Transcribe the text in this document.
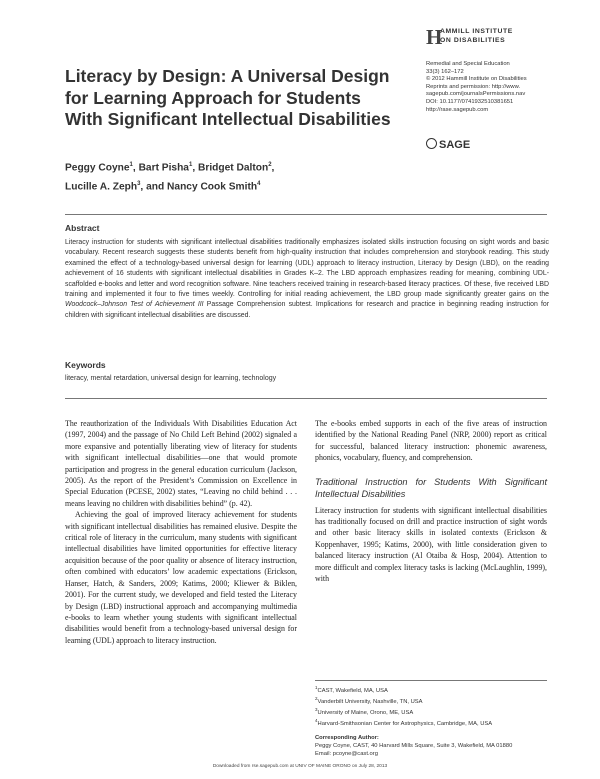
Literacy by Design: A Universal Design for Learning Approach for Students With Significant Intellectual Disabilities
H
AMMILL INSTITUTE
ON DISABILITIES
Remedial and Special Education
33(3) 162–172
© 2012 Hammill Institute on Disabilities
Reprints and permission: http://www.
sagepub.com/journalsPermissions.nav
DOI: 10.1177/0741932510381651
http://rase.sagepub.com
SAGE
Peggy Coyne$^1$, Bart Pisha$^1$, Bridget Dalton$^2$,
Lucille A. Zeph$^3$, and Nancy Cook Smith$^4$
Abstract
Literacy instruction for students with significant intellectual disabilities traditionally emphasizes isolated skills instruction focusing on sight words and basic vocabulary. Recent research suggests these students benefit from high-quality instruction that includes comprehension and storybook reading. This study examined the effect of a technology-based universal design for learning (UDL) approach to literacy instruction, Literacy by Design (LBD), on the reading achievement of 16 students with significant intellectual disabilities in Grades K–2. The LBD approach emphasizes reading for meaning, combining UDL-scaffolded e-books and letter and word recognition software. Nine teachers received training in research-based literacy practices. Of these, five received LBD training and implemented it four to five times weekly. Controlling for initial reading achievement, the LBD group made significantly greater gains on the Woodcock–Johnson Test of Achievement III Passage Comprehension subtest. Implications for research and practice in beginning reading instruction for children with significant intellectual disabilities are discussed.
Keywords
literacy, mental retardation, universal design for learning, technology

The reauthorization of the Individuals With Disabilities Education Act (1997, 2004) and the passage of No Child Left Behind (2002) signaled a more expansive and potentially liberating view of literacy for students with significant intellectual disabilities—one that would promote participation and progress in the general education curriculum (Jackson, 2005). As the report of the President’s Commission on Excellence in Special Education (PCESE, 2002) states, “Leaving no child behind . . . means leaving no children with disabilities behind” (p. 42).

Achieving the goal of improved literacy achievement for students with significant intellectual disabilities has remained elusive. Despite the critical role of literacy in the curriculum, many students with significant intellectual disabilities have limited opportunities for effective literacy acquisition because of the poor quality or absence of literacy instruction, often combined with educators’ low academic expectations (Erickson, Hanser, Hatch, & Sanders, 2009; Katims, 2000; Kliewer & Biklen, 2001). For the current study, we developed and field tested the Literacy by Design (LBD) instructional approach and accompanying multimedia e-books to learn whether young students with significant intellectual disabilities would benefit from a technology-based universal design for learning (UDL) approach to literacy instruction.

The e-books embed supports in each of the five areas of instruction identified by the National Reading Panel (NRP, 2000) report as critical for successful, balanced literacy instruction: phonemic awareness, phonics, vocabulary, fluency, and comprehension.

Traditional Instruction for Students With Significant Intellectual Disabilities

Literacy instruction for students with significant intellectual disabilities has traditionally focused on drill and practice instruction of sight words and other basic literacy skills in isolated contexts (Erickson & Koppenhaver, 1995; Katims, 2000), with little consideration given to balanced literacy instruction (Al Otaiba & Hosp, 2004). Attention to more difficult and complex literacy tasks is lacking (McLaughlin, 1999), with

$^1$CAST, Wakefield, MA, USA
$^2$Vanderbilt University, Nashville, TN, USA
$^3$University of Maine, Orono, ME, USA
$^4$Harvard-Smithsonian Center for Astrophysics, Cambridge, MA, USA
Corresponding Author:
Peggy Coyne, CAST, 40 Harvard Mills Square, Suite 3, Wakefield, MA 01880
Email: pcoyne@cast.org
Downloaded from rse.sagepub.com at UNIV OF MAINE ORONO on July 28, 2013
